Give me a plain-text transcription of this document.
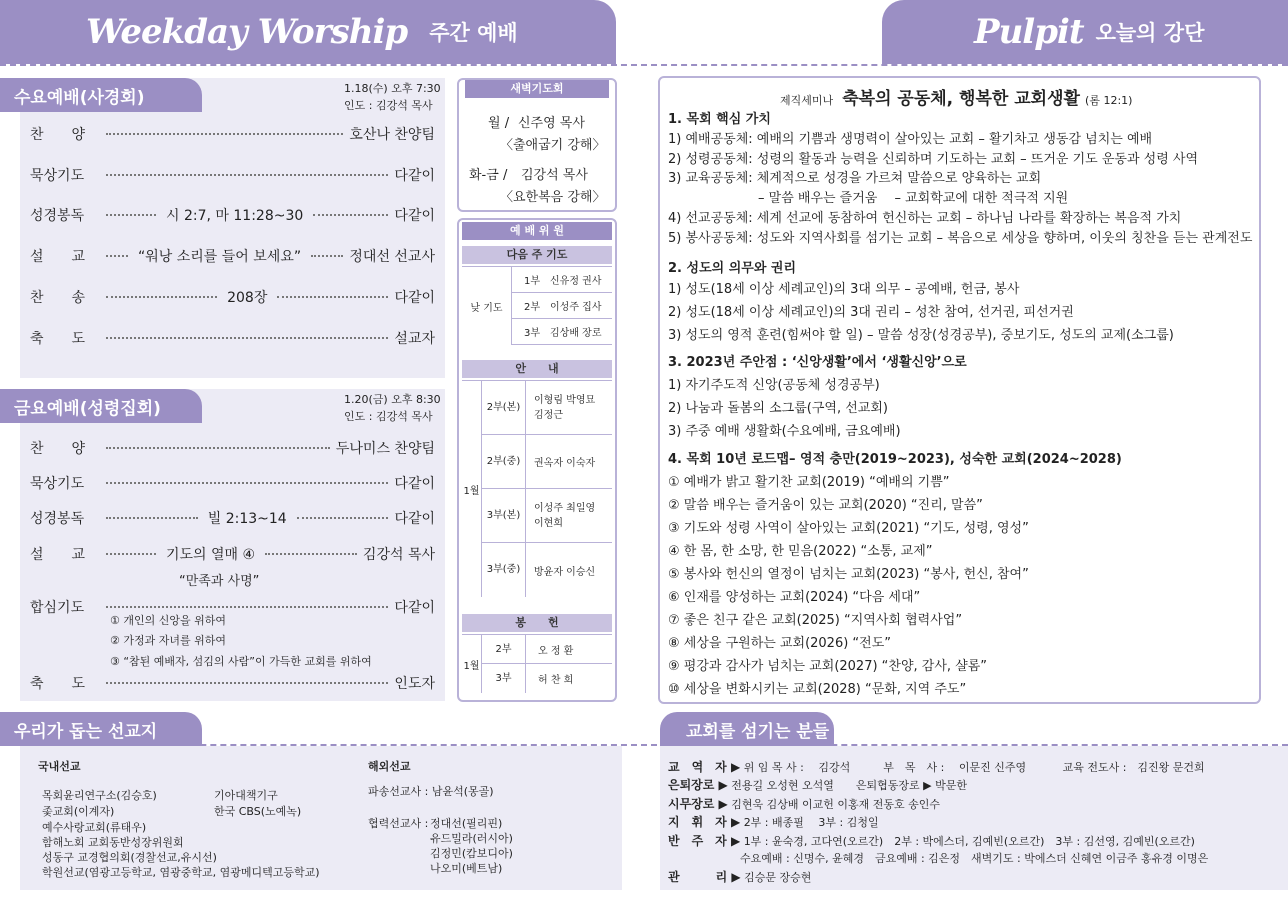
Weekday Worship 주간 예배	Pulpit 오늘의 강단
수요예배(사경회)	1.18(수) 오후 7:30
인도 : 김강석 목사
찬　　양	호산나 찬양팀
묵상기도	다같이
성경봉독	시 2:7, 마 11:28~30	다같이
설　　교	“워낭 소리를 들어 보세요”	정대선 선교사
찬　　송	208장	다같이
축　　도	설교자
금요예배(성령집회)	1.20(금) 오후 8:30
인도 : 김강석 목사
찬　　양	두나미스 찬양팀
묵상기도	다같이
성경봉독	빌 2:13~14	다같이
설　　교	기도의 열매 ④	김강석 목사
“만족과 사명”
합심기도	다같이
① 개인의 신앙을 위하여
② 가정과 자녀를 위하여
③ “참된 예배자, 섬김의 사람”이 가득한 교회를 위하여
축　　도	인도자
새벽기도회
월 / 신주영 목사
〈출애굽기 강해〉
화-금 / 김강석 목사
〈요한복음 강해〉
예 배 위 원
다음 주 기도
낮 기도
1부 신유정 권사
2부 이성주 집사
3부 김상배 장로
안　　내
1월
2부(본)
이형림 박영묘
김정근
2부(중)	권옥자 이숙자
3부(본)
이성주 최일영
이현희
3부(중)	방윤자 이승신
봉　　헌
1월
2부	오 정 환
3부	허 찬 희
제직세미나 축복의 공동체, 행복한 교회생활 (롬 12:1)
1. 목회 핵심 가치
1) 예배공동체: 예배의 기쁨과 생명력이 살아있는 교회 – 활기차고 생동감 넘치는 예배
2) 성령공동체: 성령의 활동과 능력을 신뢰하며 기도하는 교회 – 뜨거운 기도 운동과 성령 사역
3) 교육공동체: 체계적으로 성경을 가르쳐 말씀으로 양육하는 교회
– 말씀 배우는 즐거움　 – 교회학교에 대한 적극적 지원
4) 선교공동체: 세계 선교에 동참하여 헌신하는 교회 – 하나님 나라를 확장하는 복음적 가치
5) 봉사공동체: 성도와 지역사회를 섬기는 교회 – 복음으로 세상을 향하며, 이웃의 칭찬을 듣는 관계전도
2. 성도의 의무와 권리
1) 성도(18세 이상 세례교인)의 3대 의무 – 공예배, 헌금, 봉사
2) 성도(18세 이상 세례교인)의 3대 권리 – 성찬 참여, 선거권, 피선거권
3) 성도의 영적 훈련(힘써야 할 일) – 말씀 성장(성경공부), 중보기도, 성도의 교제(소그룹)
3. 2023년 주안점 : ‘신앙생활’에서 ‘생활신앙’으로
1) 자기주도적 신앙(공동체 성경공부)
2) 나눔과 돌봄의 소그룹(구역, 선교회)
3) 주중 예배 생활화(수요예배, 금요예배)
4. 목회 10년 로드맵– 영적 충만(2019~2023), 성숙한 교회(2024~2028)
① 예배가 밝고 활기찬 교회(2019) “예배의 기쁨”
② 말씀 배우는 즐거움이 있는 교회(2020) “진리, 말씀”
③ 기도와 성령 사역이 살아있는 교회(2021) “기도, 성령, 영성”
④ 한 몸, 한 소망, 한 믿음(2022) “소통, 교제”
⑤ 봉사와 헌신의 열정이 넘치는 교회(2023) “봉사, 헌신, 참여”
⑥ 인재를 양성하는 교회(2024) “다음 세대”
⑦ 좋은 친구 같은 교회(2025) “지역사회 협력사업”
⑧ 세상을 구원하는 교회(2026) “전도”
⑨ 평강과 감사가 넘치는 교회(2027) “찬양, 감사, 샬롬”
⑩ 세상을 변화시키는 교회(2028) “문화, 지역 주도”
우리가 돕는 선교지
국내선교
목회윤리연구소(김승호)
좇교회(이계자)
예수사랑교회(류태우)
함해노회 교회동반성장위원회
성동구 교경협의회(경찰선교,유시선)
학원선교(염광고등학교, 염광중학교, 염광메디텍고등학교)
기아대책기구
한국 CBS(노예녹)
해외선교
파송선교사 : 남윤석(몽골)
협력선교사 : 정대선(필리핀)
유드밀라(러시아)
김정민(캄보디아)
나오미(베트남)
교회를 섬기는 분들
교　역　자 ▶ 위 임 목 사 :　 김강석　　　부　목　사 :　 이문진 신주영　　　 교육 전도사 :　김진왕 문건희
은퇴장로 ▶ 전용길 오성현 오석열　　은퇴협동장로 ▶ 박문한
시무장로 ▶ 김현욱 김상배 이교헌 이홍재 전동호 송인수
지　휘　자 ▶ 2부 : 배종필　 3부 : 김청일
반　주　자 ▶ 1부 : 윤숙경, 고다연(오르간)　2부 : 박에스더, 김예빈(오르간)　3부 : 김선영, 김예빈(오르간)
수요예배 : 신명수, 윤혜경　금요예배 : 김은정　새벽기도 : 박에스더 신혜연 이금주 홍유경 이명은
관　　　리 ▶ 김승문 장승현
